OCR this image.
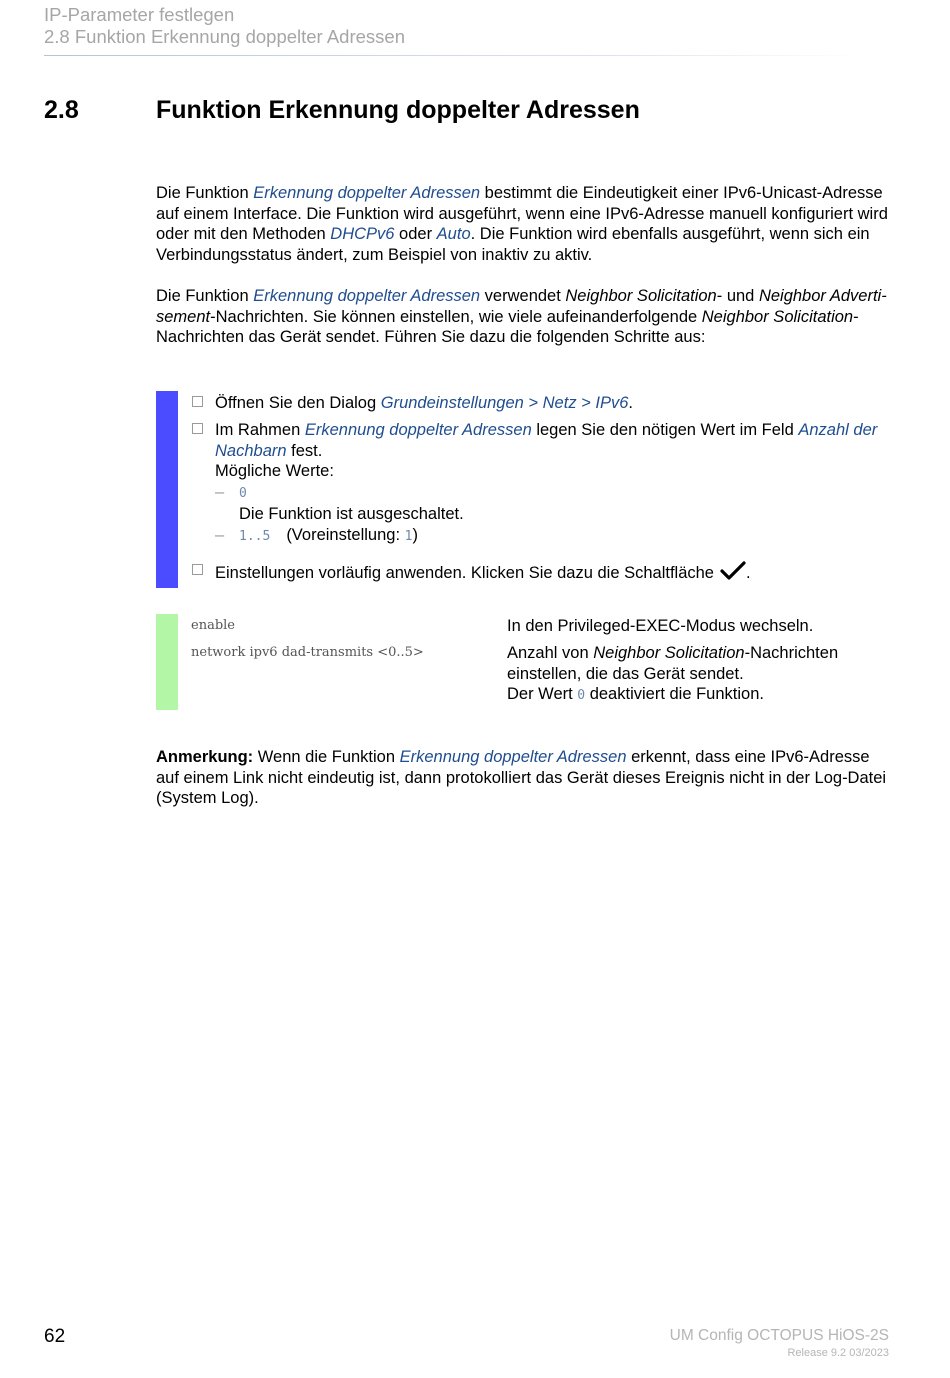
IP-Parameter festlegen
2.8 Funktion Erkennung doppelter Adressen
2.8	Funktion Erkennung doppelter Adressen

Die Funktion Erkennung doppelter Adressen bestimmt die Eindeutigkeit einer IPv6-Unicast-Adresse auf einem Interface. Die Funktion wird ausgeführt, wenn eine IPv6-Adresse manuell konfiguriert wird oder mit den Methoden DHCPv6 oder Auto. Die Funktion wird ebenfalls ausgeführt, wenn sich ein Verbindungsstatus ändert, zum Beispiel von inaktiv zu aktiv.

Die Funktion Erkennung doppelter Adressen verwendet Neighbor Solicitation- und Neighbor Advertisement-Nachrichten. Sie können einstellen, wie viele aufeinanderfolgende Neighbor Solicitation-Nachrichten das Gerät sendet. Führen Sie dazu die folgenden Schritte aus:

Öffnen Sie den Dialog Grundeinstellungen > Netz > IPv6.
Im Rahmen Erkennung doppelter Adressen legen Sie den nötigen Wert im Feld Anzahl der Nachbarn fest.
Mögliche Werte:
– 0
Die Funktion ist ausgeschaltet.
– 1..5 (Voreinstellung: 1)
Einstellungen vorläufig anwenden. Klicken Sie dazu die Schaltfläche .
enable	In den Privileged-EXEC-Modus wechseln.
network ipv6 dad-transmits <0..5>	Anzahl von Neighbor Solicitation-Nachrichten einstellen, die das Gerät sendet.
Der Wert 0 deaktiviert die Funktion.

Anmerkung: Wenn die Funktion Erkennung doppelter Adressen erkennt, dass eine IPv6-Adresse auf einem Link nicht eindeutig ist, dann protokolliert das Gerät dieses Ereignis nicht in der Log-Datei (System Log).

62	UM Config OCTOPUS HiOS-2S
Release 9.2 03/2023
